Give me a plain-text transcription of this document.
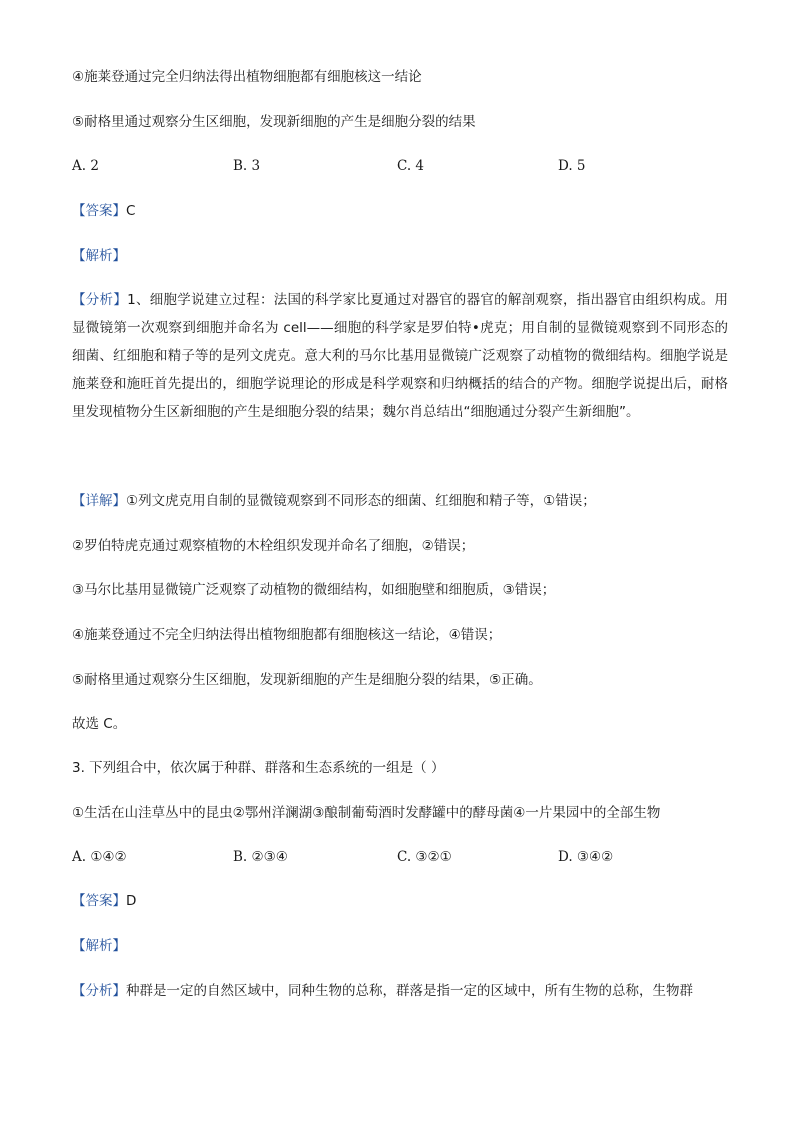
④施莱登通过完全归纳法得出植物细胞都有细胞核这一结论
⑤耐格里通过观察分生区细胞，发现新细胞的产生是细胞分裂的结果
A. 2	B. 3	C. 4	D. 5
【答案】C
【解析】
【分析】1、细胞学说建立过程：法国的科学家比夏通过对器官的器官的解剖观察，指出器官由组织构成。用显微镜第一次观察到细胞并命名为 cell——细胞的科学家是罗伯特•虎克；用自制的显微镜观察到不同形态的细菌、红细胞和精子等的是列文虎克。意大利的马尔比基用显微镜广泛观察了动植物的微细结构。细胞学说是施莱登和施旺首先提出的，细胞学说理论的形成是科学观察和归纳概括的结合的产物。细胞学说提出后，耐格里发现植物分生区新细胞的产生是细胞分裂的结果；魏尔肖总结出“细胞通过分裂产生新细胞”。
【详解】①列文虎克用自制的显微镜观察到不同形态的细菌、红细胞和精子等，①错误；
②罗伯特虎克通过观察植物的木栓组织发现并命名了细胞，②错误；
③马尔比基用显微镜广泛观察了动植物的微细结构，如细胞壁和细胞质，③错误；
④施莱登通过不完全归纳法得出植物细胞都有细胞核这一结论，④错误；
⑤耐格里通过观察分生区细胞，发现新细胞的产生是细胞分裂的结果，⑤正确。
故选 C。
3. 下列组合中，依次属于种群、群落和生态系统的一组是（ ）
①生活在山洼草丛中的昆虫②鄂州洋澜湖③酿制葡萄酒时发酵罐中的酵母菌④一片果园中的全部生物
A. ①④②	B. ②③④	C. ③②①	D. ③④②
【答案】D
【解析】
【分析】种群是一定的自然区域中，同种生物的总称，群落是指一定的区域中，所有生物的总称，生物群
